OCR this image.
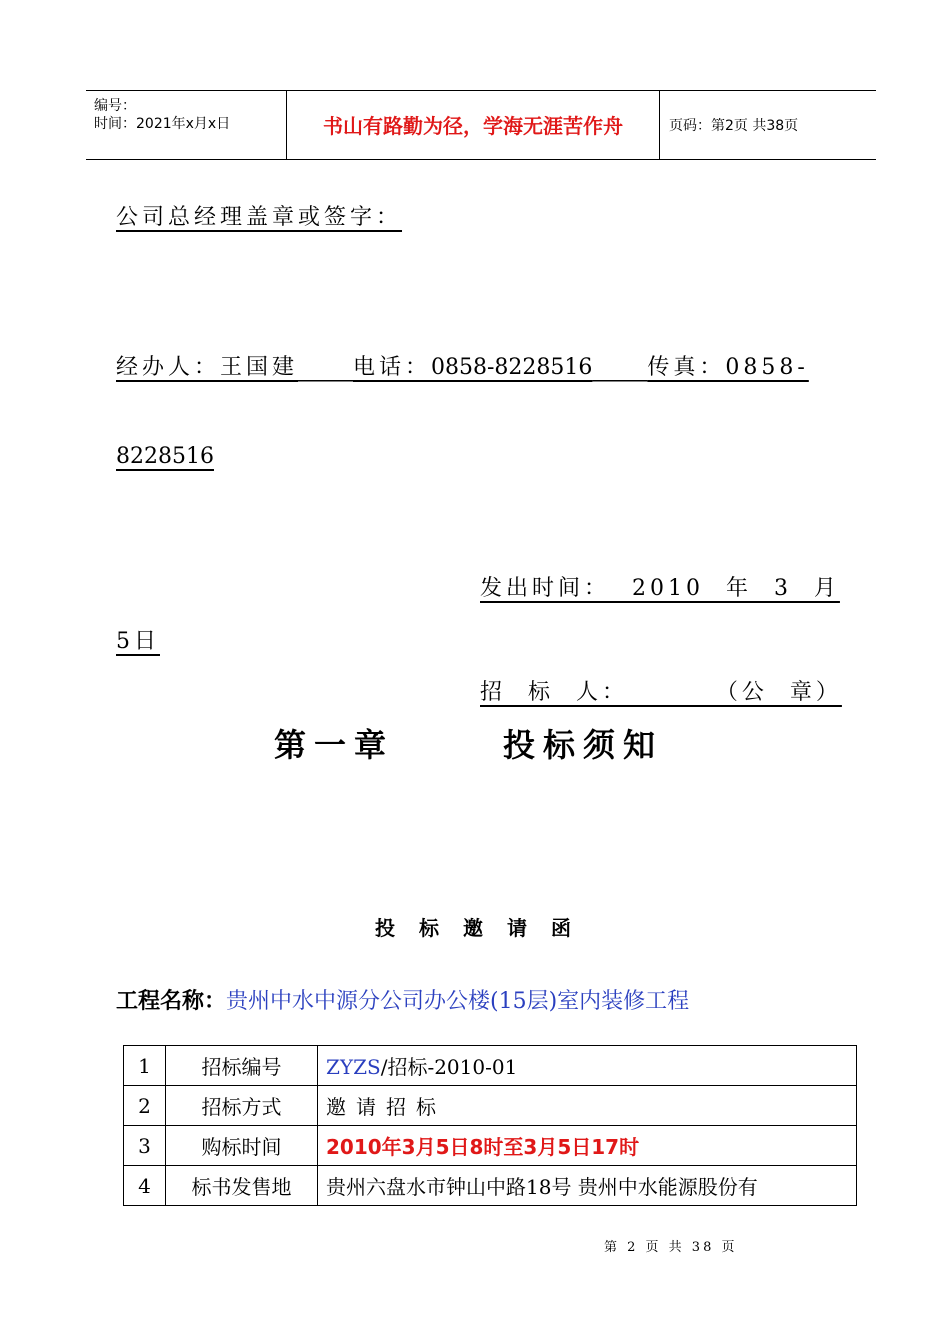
编号：
时间：2021年x月x日	书山有路勤为径，学海无涯苦作舟	页码：第2页 共38页
公司总经理盖章或签字：
经办人：王国建 电话：0858-8228516 传真：0858-
8228516
发出时间：  2010  年  3  月
5日
招  标  人：        （公  章）
第一章	投标须知
投标邀请函
工程名称：贵州中水中源分公司办公楼(15层)室内装修工程
1	招标编号	ZYZS/招标-2010-01
2	招标方式	邀请招标
3	购标时间	2010年3月5日8时至3月5日17时
4	标书发售地	贵州六盘水市钟山中路18号 贵州中水能源股份有
第 2 页 共 38 页
